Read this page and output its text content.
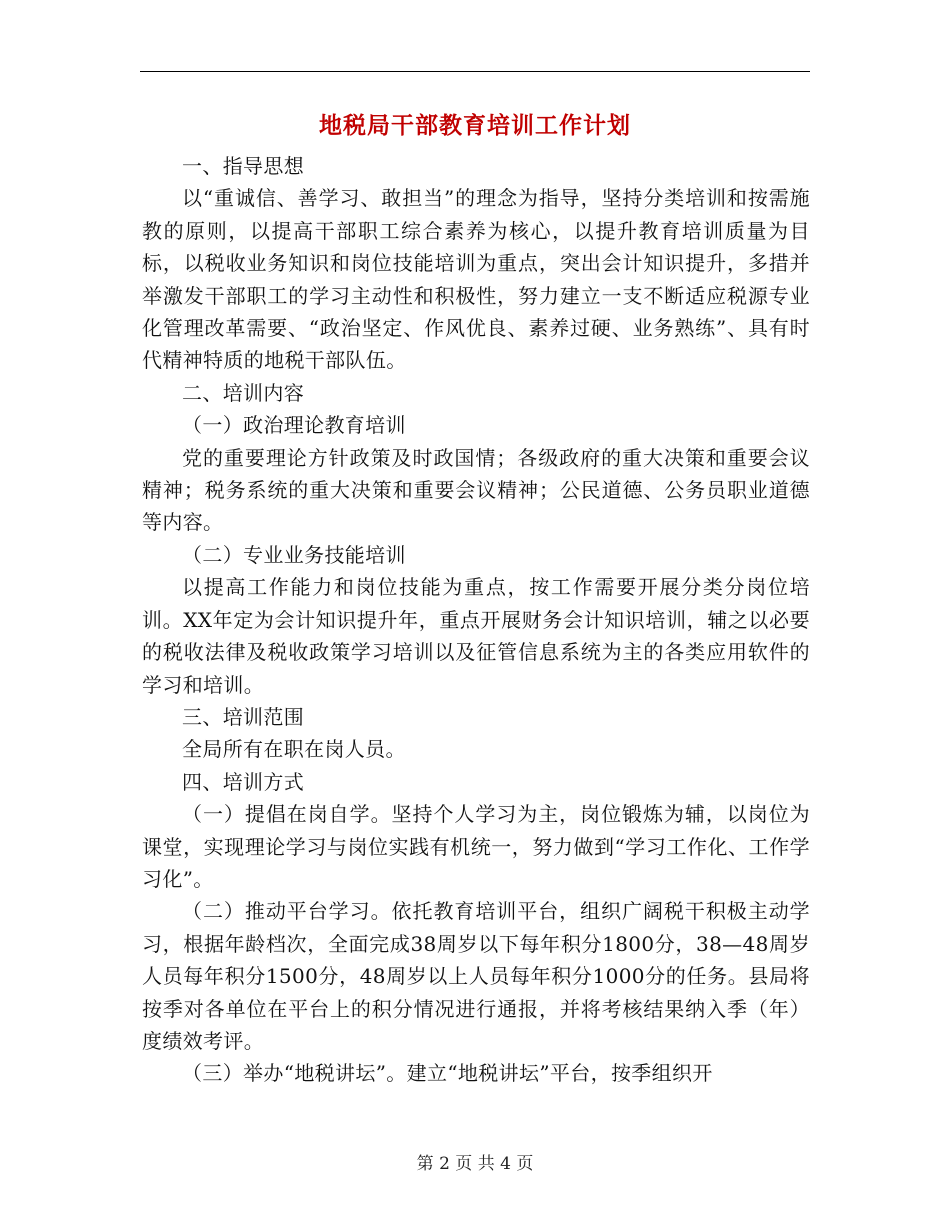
地税局干部教育培训工作计划

一、指导思想

以“重诚信、善学习、敢担当”的理念为指导，坚持分类培训和按需施教的原则，以提高干部职工综合素养为核心，以提升教育培训质量为目标，以税收业务知识和岗位技能培训为重点，突出会计知识提升，多措并举激发干部职工的学习主动性和积极性，努力建立一支不断适应税源专业化管理改革需要、“政治坚定、作风优良、素养过硬、业务熟练”、具有时代精神特质的地税干部队伍。

二、培训内容

（一）政治理论教育培训

党的重要理论方针政策及时政国情；各级政府的重大决策和重要会议精神；税务系统的重大决策和重要会议精神；公民道德、公务员职业道德等内容。

（二）专业业务技能培训

以提高工作能力和岗位技能为重点，按工作需要开展分类分岗位培训。XX年定为会计知识提升年，重点开展财务会计知识培训，辅之以必要的税收法律及税收政策学习培训以及征管信息系统为主的各类应用软件的学习和培训。

三、培训范围

全局所有在职在岗人员。

四、培训方式

（一）提倡在岗自学。坚持个人学习为主，岗位锻炼为辅，以岗位为课堂，实现理论学习与岗位实践有机统一，努力做到“学习工作化、工作学习化”。

（二）推动平台学习。依托教育培训平台，组织广阔税干积极主动学习，根据年龄档次，全面完成38周岁以下每年积分1800分，38—48周岁人员每年积分1500分，48周岁以上人员每年积分1000分的任务。县局将按季对各单位在平台上的积分情况进行通报，并将考核结果纳入季（年）度绩效考评。

（三）举办“地税讲坛”。建立“地税讲坛”平台，按季组织开

第 2 页 共 4 页
